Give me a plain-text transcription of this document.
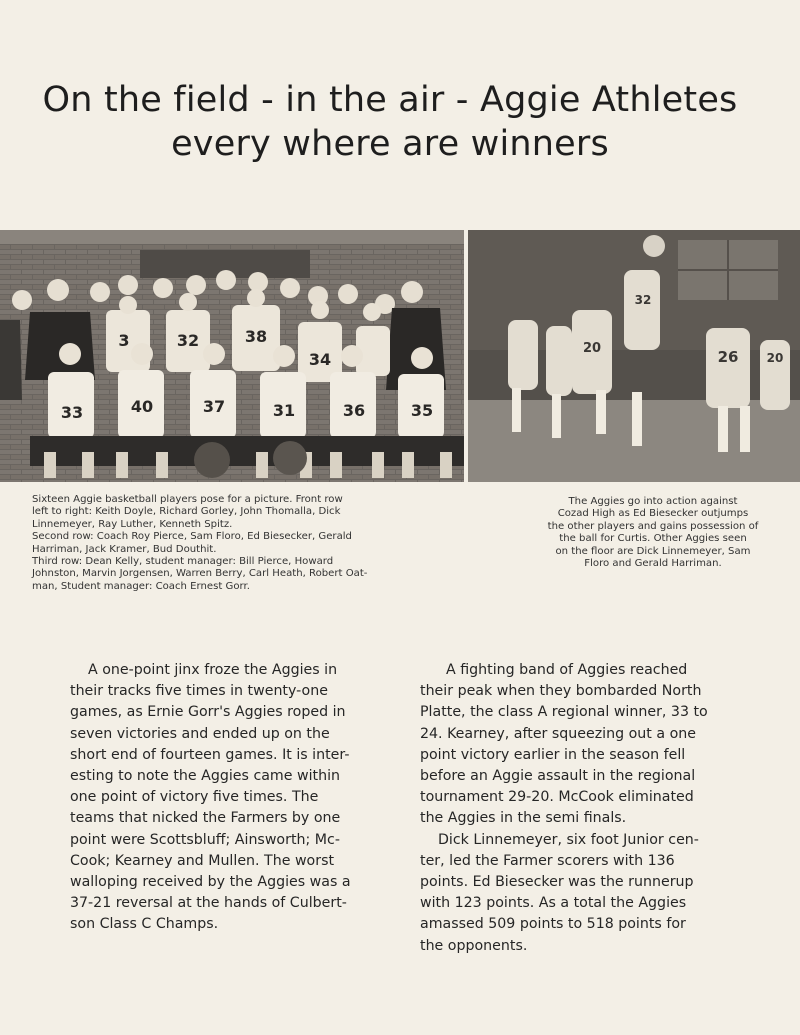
On the field - in the air - Aggie Athletes
every where are winners
3	32	38
34
33	40	37	31	36	35
32
20	26 20
Sixteen Aggie basketball players pose for a picture. Front row
left to right: Keith Doyle, Richard Gorley, John Thomalla, Dick
Linnemeyer, Ray Luther, Kenneth Spitz.
Second row: Coach Roy Pierce, Sam Floro, Ed Biesecker, Gerald
Harriman, Jack Kramer, Bud Douthit.
Third row: Dean Kelly, student manager: Bill Pierce, Howard
Johnston, Marvin Jorgensen, Warren Berry, Carl Heath, Robert Oat-
man, Student manager: Coach Ernest Gorr.
The Aggies go into action against
Cozad High as Ed Biesecker outjumps
the other players and gains possession of
the ball for Curtis. Other Aggies seen
on the floor are Dick Linnemeyer, Sam
Floro and Gerald Harriman.
A one-point jinx froze the Aggies in
their tracks five times in twenty-one
games, as Ernie Gorr's Aggies roped in
seven victories and ended up on the
short end of fourteen games. It is inter-
esting to note the Aggies came within
one point of victory five times. The
teams that nicked the Farmers by one
point were Scottsbluff; Ainsworth; Mc-
Cook; Kearney and Mullen. The worst
walloping received by the Aggies was a
37-21 reversal at the hands of Culbert-
son Class C Champs.
A fighting band of Aggies reached
their peak when they bombarded North
Platte, the class A regional winner, 33 to
24. Kearney, after squeezing out a one
point victory earlier in the season fell
before an Aggie assault in the regional
tournament 29-20. McCook eliminated
the Aggies in the semi finals.
Dick Linnemeyer, six foot Junior cen-
ter, led the Farmer scorers with 136
points. Ed Biesecker was the runnerup
with 123 points. As a total the Aggies
amassed 509 points to 518 points for
the opponents.
